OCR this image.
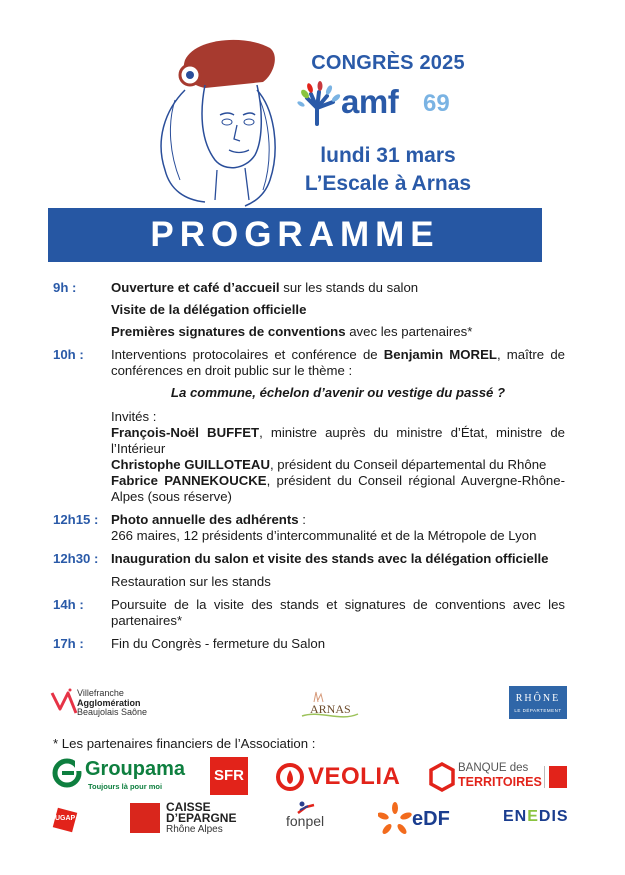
CONGRÈS 2025
amf 69
lundi 31 mars
L’Escale à Arnas
PROGRAMME
9h :	Ouverture et café d’accueil sur les stands du salon
Visite de la délégation officielle
Premières signatures de conventions avec les partenaires*
10h :	Interventions protocolaires et conférence de Benjamin MOREL, maître de conférences en droit public sur le thème :
La commune, échelon d’avenir ou vestige du passé ?
Invités :
François-Noël BUFFET, ministre auprès du ministre d’État, ministre de l’Intérieur
Christophe GUILLOTEAU, président du Conseil départemental du Rhône
Fabrice PANNEKOUCKE, président du Conseil régional Auvergne-Rhône-Alpes (sous réserve)
12h15 : Photo annuelle des adhérents :
266 maires, 12 présidents d’intercommunalité et de la Métropole de Lyon
12h30 : Inauguration du salon et visite des stands avec la délégation officielle
Restauration sur les stands
14h :	Poursuite de la visite des stands et signatures de conventions avec les partenaires*
17h :	Fin du Congrès - fermeture du Salon
Villefranche
Agglomération
Beaujolais Saône	ARNAS
RHÔNE
LE DÉPARTEMENT
* Les partenaires financiers de l’Association :
Groupama
Toujours là pour moi
SFR	VEOLIA	BANQUE des
TERRITOIRES
UGAP
CAISSE
D’EPARGNE
Rhône Alpes
fonpel	eDF	ENEDIS
